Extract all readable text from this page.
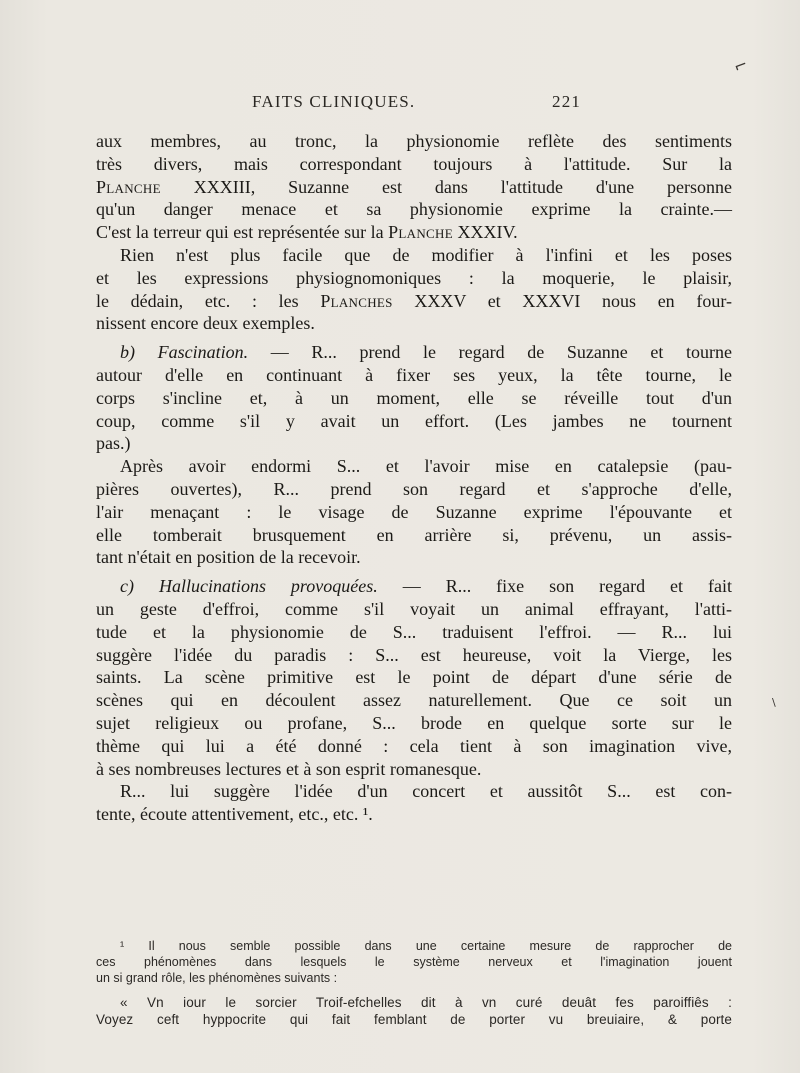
⌐
\
FAITS CLINIQUES.	221
aux membres, au tronc, la physionomie reflète des sentiments
très divers, mais correspondant toujours à l'attitude. Sur la
Planche XXXIII, Suzanne est dans l'attitude d'une personne
qu'un danger menace et sa physionomie exprime la crainte.—
C'est la terreur qui est représentée sur la Planche XXXIV.
Rien n'est plus facile que de modifier à l'infini et les poses
et les expressions physiognomoniques : la moquerie, le plaisir,
le dédain, etc. : les Planches XXXV et XXXVI nous en four-
nissent encore deux exemples.
b) Fascination. — R... prend le regard de Suzanne et tourne
autour d'elle en continuant à fixer ses yeux, la tête tourne, le
corps s'incline et, à un moment, elle se réveille tout d'un
coup, comme s'il y avait un effort. (Les jambes ne tournent
pas.)
Après avoir endormi S... et l'avoir mise en catalepsie (pau-
pières ouvertes), R... prend son regard et s'approche d'elle,
l'air menaçant : le visage de Suzanne exprime l'épouvante et
elle tomberait brusquement en arrière si, prévenu, un assis-
tant n'était en position de la recevoir.
c) Hallucinations provoquées. — R... fixe son regard et fait
un geste d'effroi, comme s'il voyait un animal effrayant, l'atti-
tude et la physionomie de S... traduisent l'effroi. — R... lui
suggère l'idée du paradis : S... est heureuse, voit la Vierge, les
saints. La scène primitive est le point de départ d'une série de
scènes qui en découlent assez naturellement. Que ce soit un
sujet religieux ou profane, S... brode en quelque sorte sur le
thème qui lui a été donné : cela tient à son imagination vive,
à ses nombreuses lectures et à son esprit romanesque.
R... lui suggère l'idée d'un concert et aussitôt S... est con-
tente, écoute attentivement, etc., etc. ¹.
¹ Il nous semble possible dans une certaine mesure de rapprocher de
ces phénomènes dans lesquels le système nerveux et l'imagination jouent
un si grand rôle, les phénomènes suivants :
« Vn iour le sorcier Troif-efchelles dit à vn curé deuât fes paroiffiês :
Voyez ceft hyppocrite qui fait femblant de porter vu breuiaire, & porte
